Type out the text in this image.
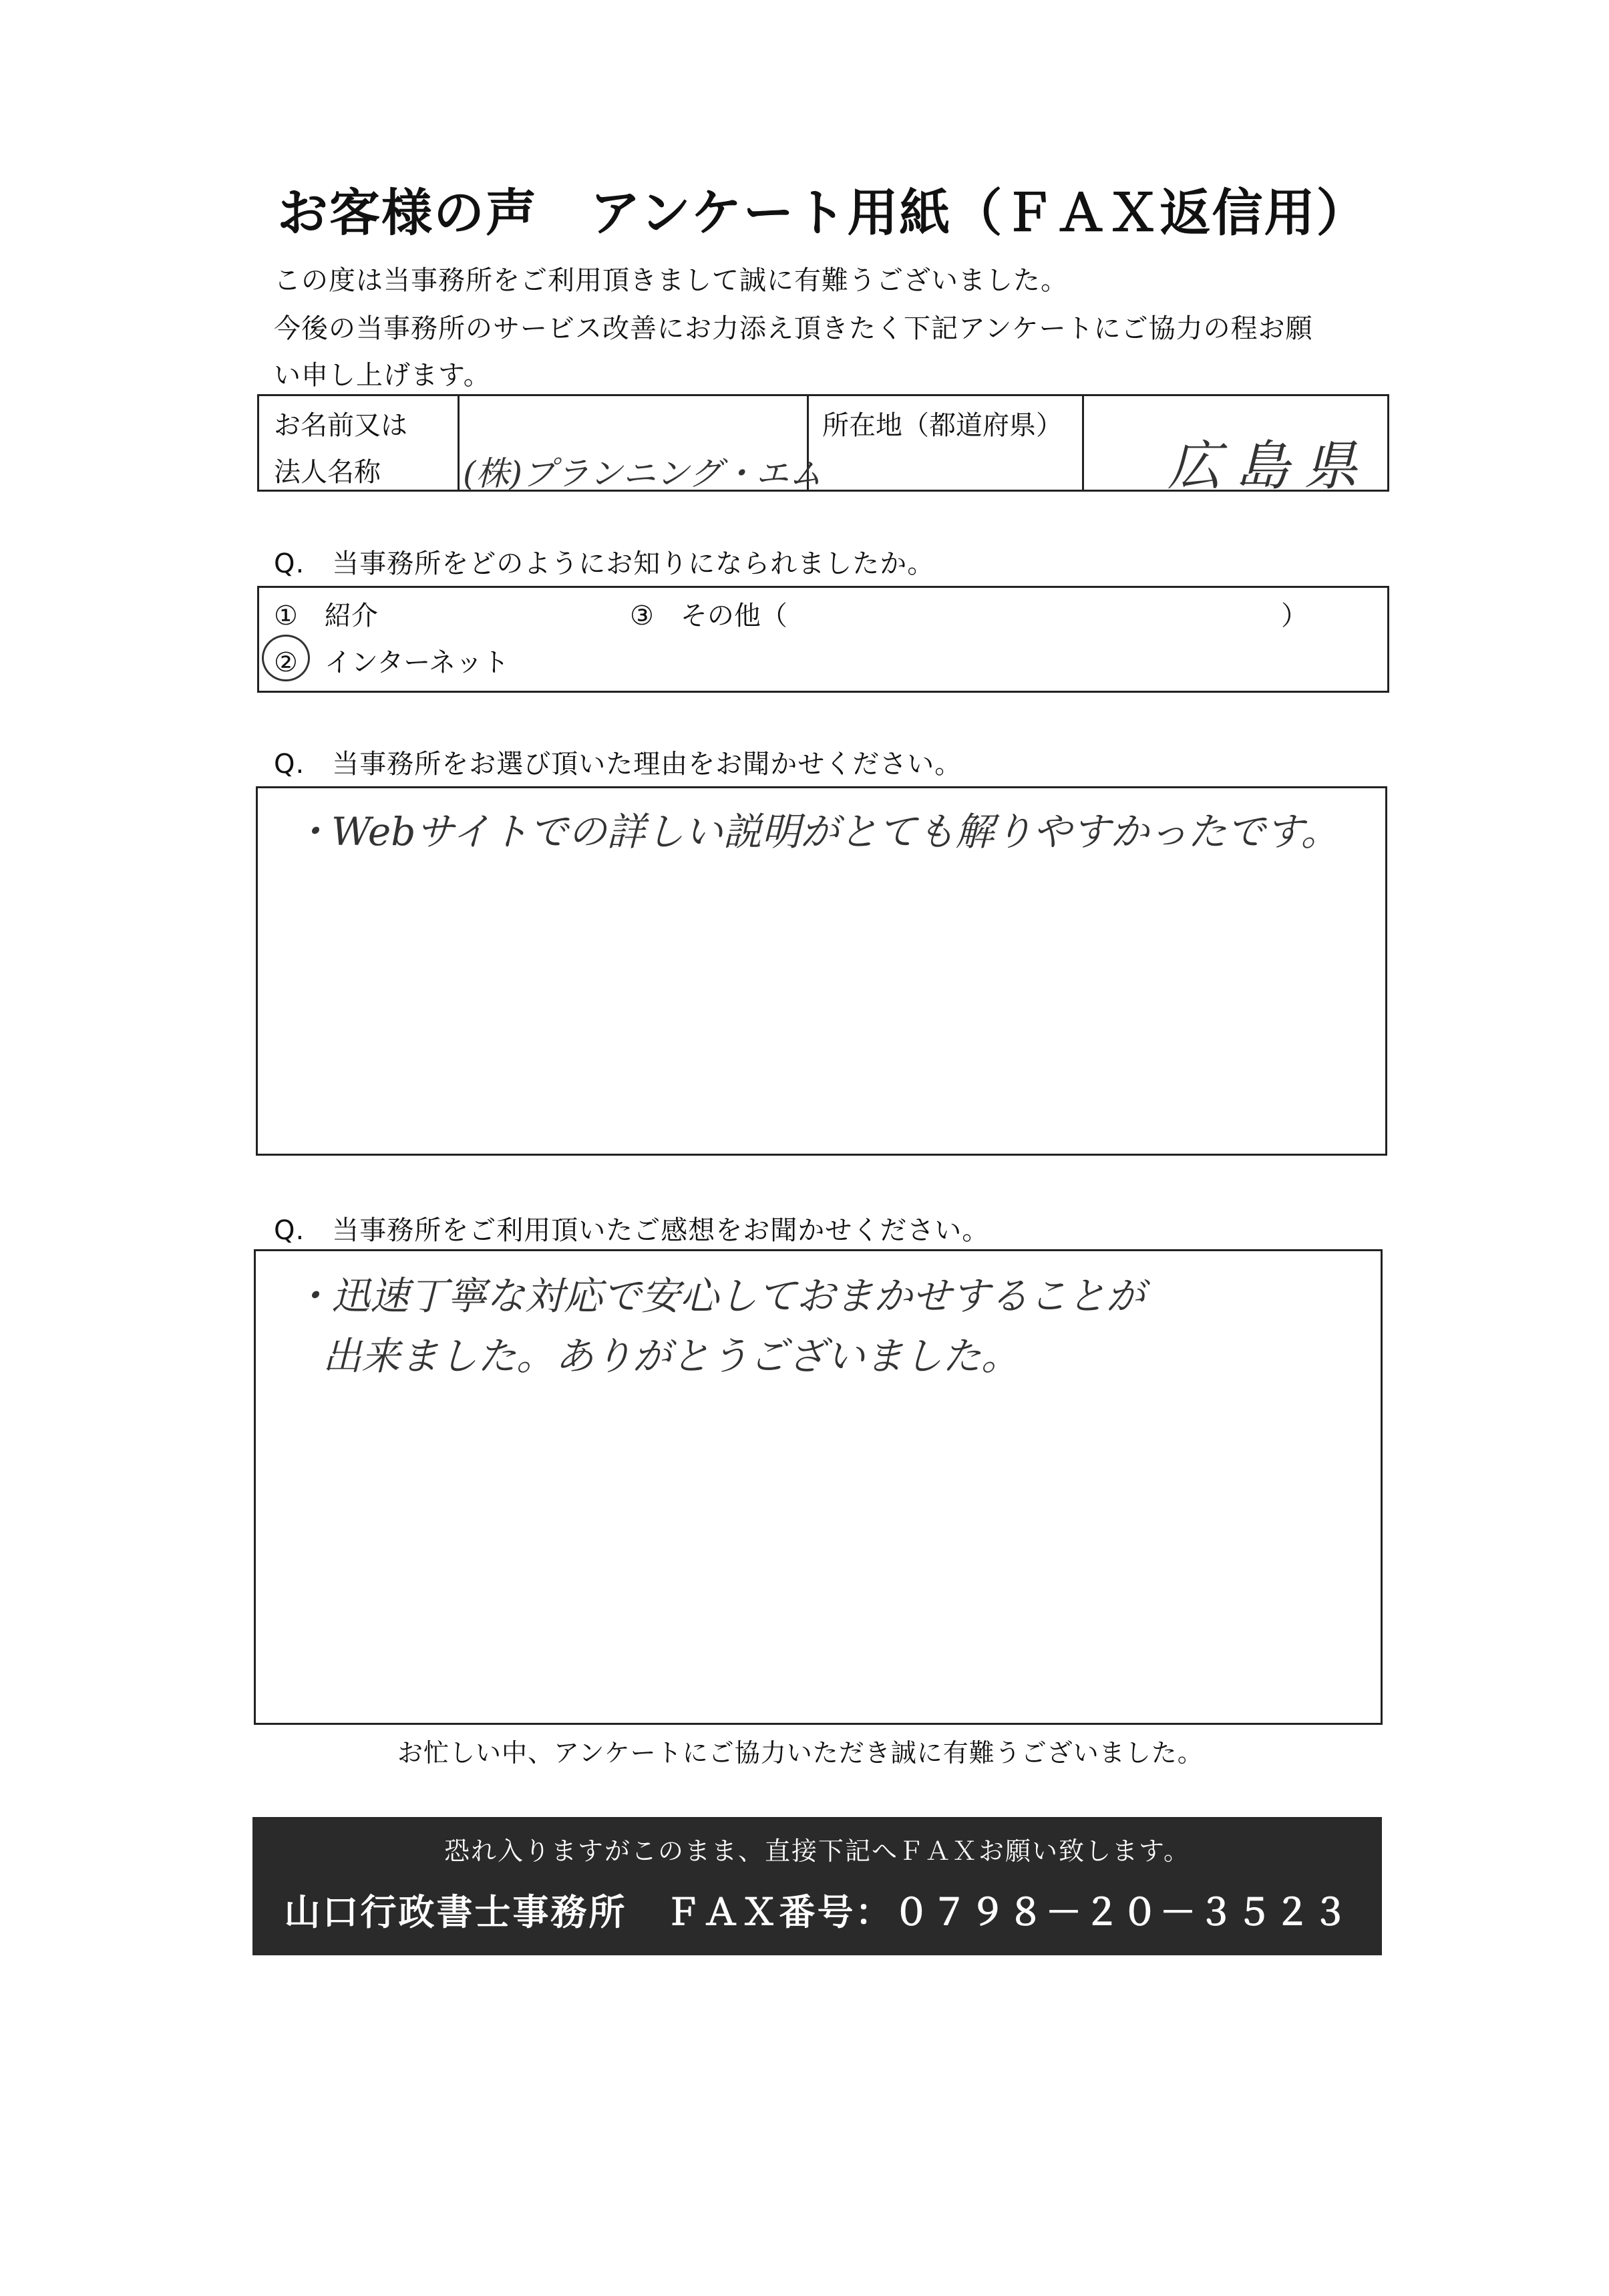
お客様の声　アンケート用紙（ＦＡＸ返信用）
この度は当事務所をご利用頂きまして誠に有難うございました。
今後の当事務所のサービス改善にお力添え頂きたく下記アンケートにご協力の程お願
い申し上げます。
お名前又は
法人名称 (株)プランニング・エム
所在地（都道府県）
広島県
Q.　当事務所をどのようにお知りになられましたか。
① 紹介
② インターネット
③ その他（	）
Q.　当事務所をお選び頂いた理由をお聞かせください。
・Webサイトでの詳しい説明がとても解りやすかったです。
Q.　当事務所をご利用頂いたご感想をお聞かせください。
・迅速丁寧な対応で安心しておまかせすることが
出来ました。ありがとうございました。
お忙しい中、アンケートにご協力いただき誠に有難うございました。
恐れ入りますがこのまま、直接下記へＦＡＸお願い致します。
山口行政書士事務所　ＦＡＸ番号：０７９８－２０－３５２３
